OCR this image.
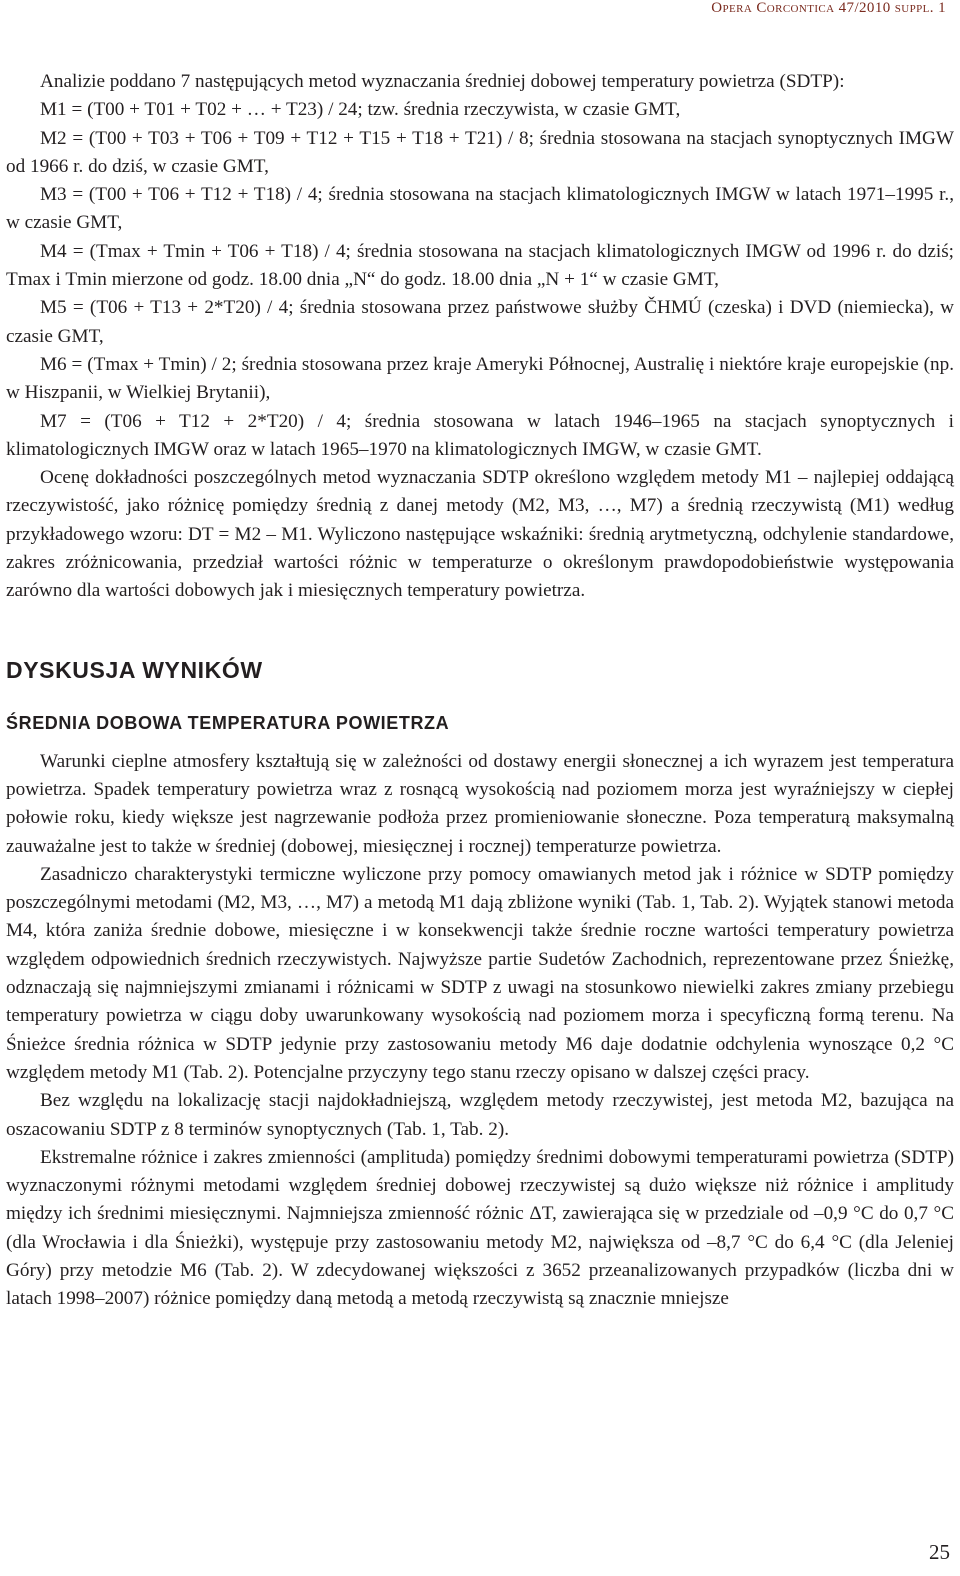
Opera Corcontica 47/2010 suppl. 1

Analizie poddano 7 następujących metod wyznaczania średniej dobowej temperatury powietrza (SDTP):

M1 = (T00 + T01 + T02 + … + T23) / 24; tzw. średnia rzeczywista, w czasie GMT,

M2 = (T00 + T03 + T06 + T09 + T12 + T15 + T18 + T21) / 8; średnia stosowana na stacjach synoptycznych IMGW od 1966 r. do dziś, w czasie GMT,

M3 = (T00 + T06 + T12 + T18) / 4; średnia stosowana na stacjach klimatologicznych IMGW w latach 1971–1995 r., w czasie GMT,

M4 = (Tmax + Tmin + T06 + T18) / 4; średnia stosowana na stacjach klimatologicznych IMGW od 1996 r. do dziś; Tmax i Tmin mierzone od godz. 18.00 dnia „N“ do godz. 18.00 dnia „N + 1“ w czasie GMT,

M5 = (T06 + T13 + 2*T20) / 4; średnia stosowana przez państwowe służby ČHMÚ (czeska) i DVD (niemiecka), w czasie GMT,

M6 = (Tmax + Tmin) / 2; średnia stosowana przez kraje Ameryki Północnej, Australię i niektóre kraje europejskie (np. w Hiszpanii, w Wielkiej Brytanii),

M7 = (T06 + T12 + 2*T20) / 4; średnia stosowana w latach 1946–1965 na stacjach synoptycznych i klimatologicznych IMGW oraz w latach 1965–1970 na klimatologicznych IMGW, w czasie GMT.

Ocenę dokładności poszczególnych metod wyznaczania SDTP określono względem metody M1 – najlepiej oddającą rzeczywistość, jako różnicę pomiędzy średnią z danej metody (M2, M3, …, M7) a średnią rzeczywistą (M1) według przykładowego wzoru: DT = M2 – M1. Wyliczono następujące wskaźniki: średnią arytmetyczną, odchylenie standardowe, zakres zróżnicowania, przedział wartości różnic w temperaturze o określonym prawdopodobieństwie występowania zarówno dla wartości dobowych jak i miesięcznych temperatury powietrza.

DYSKUSJA WYNIKÓW
ŚREDNIA DOBOWA TEMPERATURA POWIETRZA

Warunki cieplne atmosfery kształtują się w zależności od dostawy energii słonecznej a ich wyrazem jest temperatura powietrza. Spadek temperatury powietrza wraz z rosnącą wysokością nad poziomem morza jest wyraźniejszy w ciepłej połowie roku, kiedy większe jest nagrzewanie podłoża przez promieniowanie słoneczne. Poza temperaturą maksymalną zauważalne jest to także w średniej (dobowej, miesięcznej i rocznej) temperaturze powietrza.

Zasadniczo charakterystyki termiczne wyliczone przy pomocy omawianych metod jak i różnice w SDTP pomiędzy poszczególnymi metodami (M2, M3, …, M7) a metodą M1 dają zbliżone wyniki (Tab. 1, Tab. 2). Wyjątek stanowi metoda M4, która zaniża średnie dobowe, miesięczne i w konsekwencji także średnie roczne wartości temperatury powietrza względem odpowiednich średnich rzeczywistych. Najwyższe partie Sudetów Zachodnich, reprezentowane przez Śnieżkę, odznaczają się najmniejszymi zmianami i różnicami w SDTP z uwagi na stosunkowo niewielki zakres zmiany przebiegu temperatury powietrza w ciągu doby uwarunkowany wysokością nad poziomem morza i specyficzną formą terenu. Na Śnieżce średnia różnica w SDTP jedynie przy zastosowaniu metody M6 daje dodatnie odchylenia wynoszące 0,2 °C względem metody M1 (Tab. 2). Potencjalne przyczyny tego stanu rzeczy opisano w dalszej części pracy.

Bez względu na lokalizację stacji najdokładniejszą, względem metody rzeczywistej, jest metoda M2, bazująca na oszacowaniu SDTP z 8 terminów synoptycznych (Tab. 1, Tab. 2).

Ekstremalne różnice i zakres zmienności (amplituda) pomiędzy średnimi dobowymi temperaturami powietrza (SDTP) wyznaczonymi różnymi metodami względem średniej dobowej rzeczywistej są dużo większe niż różnice i amplitudy między ich średnimi miesięcznymi. Najmniejsza zmienność różnic ΔT, zawierająca się w przedziale od –0,9 °C do 0,7 °C (dla Wrocławia i dla Śnieżki), występuje przy zastosowaniu metody M2, największa od –8,7 °C do 6,4 °C (dla Jeleniej Góry) przy metodzie M6 (Tab. 2). W zdecydowanej większości z 3652 przeanalizowanych przypadków (liczba dni w latach 1998–2007) różnice pomiędzy daną metodą a metodą rzeczywistą są znacznie mniejsze

25
